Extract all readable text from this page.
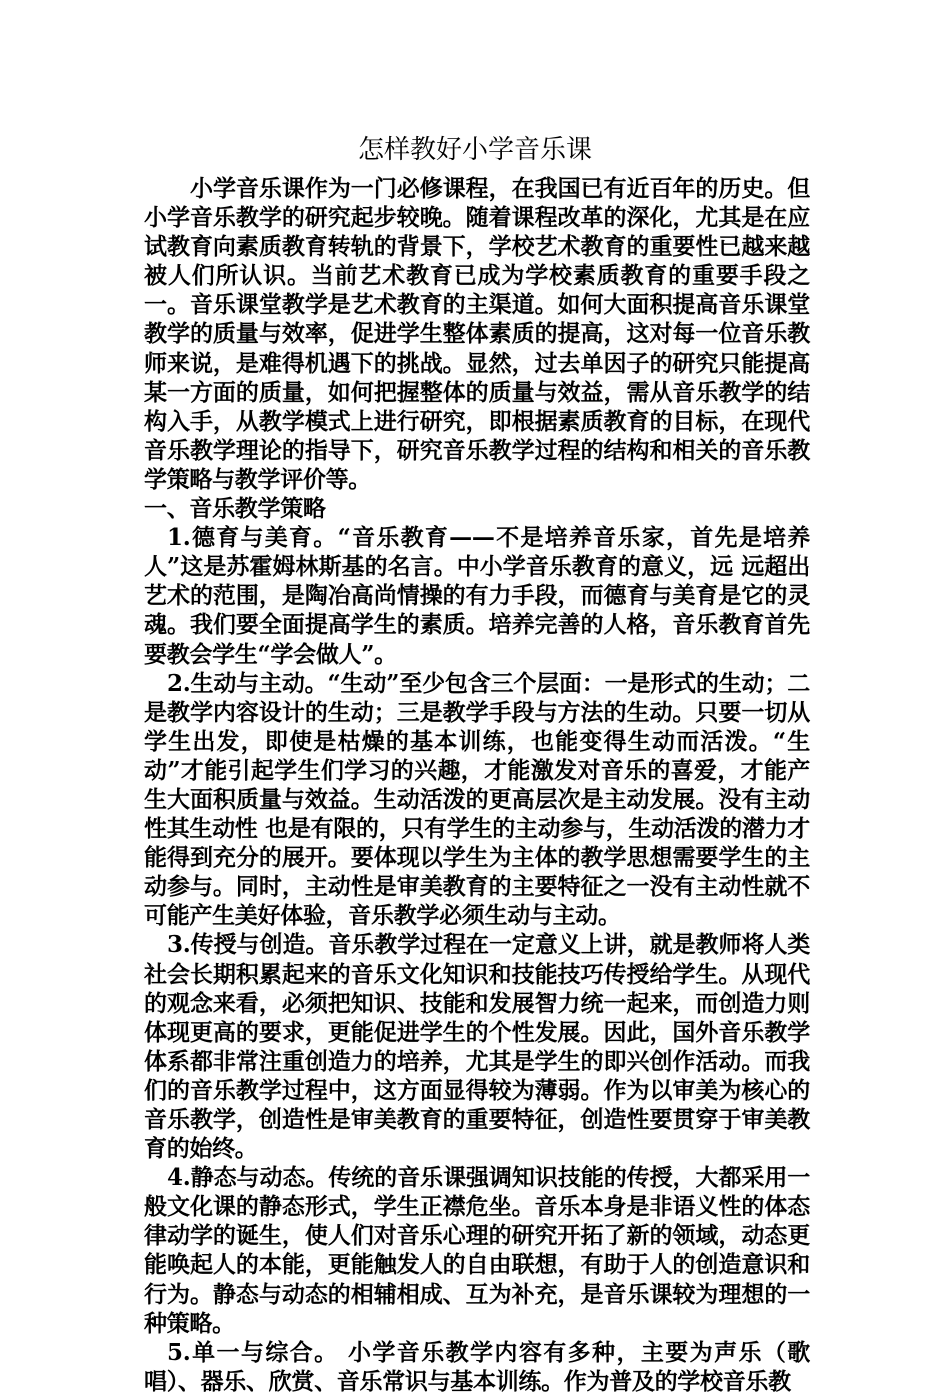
怎样教好小学音乐课

小学音乐课作为一门必修课程，在我国已有近百年的历史。但小学音乐教学的研究起步较晚。随着课程改革的深化，尤其是在应试教育向素质教育转轨的背景下，学校艺术教育的重要性已越来越被人们所认识。当前艺术教育已成为学校素质教育的重要手段之一。音乐课堂教学是艺术教育的主渠道。如何大面积提高音乐课堂教学的质量与效率，促进学生整体素质的提高，这对每一位音乐教师来说，是难得机遇下的挑战。显然，过去单因子的研究只能提高某一方面的质量，如何把握整体的质量与效益，需从音乐教学的结构入手，从教学模式上进行研究，即根据素质教育的目标，在现代音乐教学理论的指导下，研究音乐教学过程的结构和相关的音乐教学策略与教学评价等。

一、音乐教学策略

1.德育与美育。“音乐教育——不是培养音乐家，首先是培养人”这是苏霍姆林斯基的名言。中小学音乐教育的意义，远 远超出艺术的范围，是陶冶高尚情操的有力手段，而德育与美育是它的灵魂。我们要全面提高学生的素质。培养完善的人格，音乐教育首先要教会学生“学会做人”。

2.生动与主动。“生动”至少包含三个层面：一是形式的生动；二是教学内容设计的生动；三是教学手段与方法的生动。只要一切从学生出发，即使是枯燥的基本训练，也能变得生动而活泼。“生动”才能引起学生们学习的兴趣，才能激发对音乐的喜爱，才能产生大面积质量与效益。生动活泼的更高层次是主动发展。没有主动性其生动性 也是有限的，只有学生的主动参与，生动活泼的潜力才能得到充分的展开。要体现以学生为主体的教学思想需要学生的主动参与。同时，主动性是审美教育的主要特征之一没有主动性就不可能产生美好体验，音乐教学必须生动与主动。

3.传授与创造。音乐教学过程在一定意义上讲，就是教师将人类社会长期积累起来的音乐文化知识和技能技巧传授给学生。从现代的观念来看，必须把知识、技能和发展智力统一起来，而创造力则体现更高的要求，更能促进学生的个性发展。因此，国外音乐教学体系都非常注重创造力的培养，尤其是学生的即兴创作活动。而我们的音乐教学过程中，这方面显得较为薄弱。作为以审美为核心的音乐教学，创造性是审美教育的重要特征，创造性要贯穿于审美教育的始终。

4.静态与动态。传统的音乐课强调知识技能的传授，大都采用一般文化课的静态形式，学生正襟危坐。音乐本身是非语义性的体态律动学的诞生，使人们对音乐心理的研究开拓了新的领域，动态更能唤起人的本能，更能触发人的自由联想，有助于人的创造意识和行为。静态与动态的相辅相成、互为补充，是音乐课较为理想的一种策略。

5.单一与综合。 小学音乐教学内容有多种，主要为声乐（歌唱）、器乐、欣赏、音乐常识与基本训练。作为普及的学校音乐教
